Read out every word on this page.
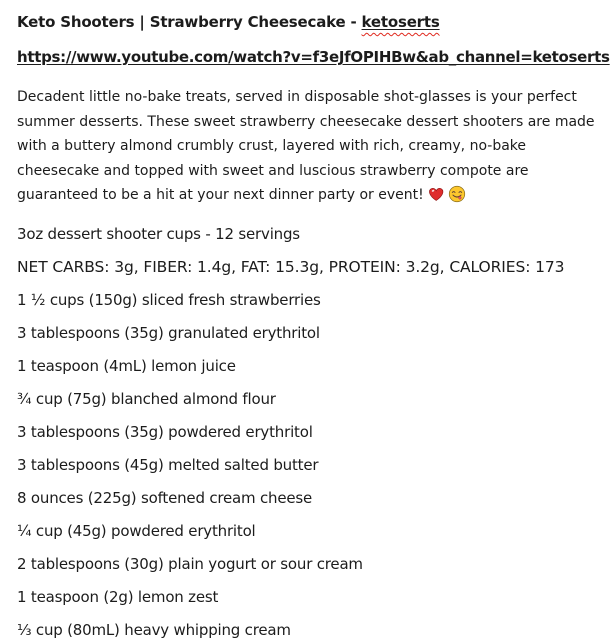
Keto Shooters | Strawberry Cheesecake - ketoserts
https://www.youtube.com/watch?v=f3eJfOPIHBw&ab_channel=ketoserts
Decadent little no-bake treats, served in disposable shot-glasses is your perfect
summer desserts. These sweet strawberry cheesecake dessert shooters are made
with a buttery almond crumbly crust, layered with rich, creamy, no-bake
cheesecake and topped with sweet and luscious strawberry compote are
guaranteed to be a hit at your next dinner party or event!
3oz dessert shooter cups - 12 servings
NET CARBS: 3g, FIBER: 1.4g, FAT: 15.3g, PROTEIN: 3.2g, CALORIES: 173
1 ½ cups (150g) sliced fresh strawberries
3 tablespoons (35g) granulated erythritol
1 teaspoon (4mL) lemon juice
¾ cup (75g) blanched almond flour
3 tablespoons (35g) powdered erythritol
3 tablespoons (45g) melted salted butter
8 ounces (225g) softened cream cheese
¼ cup (45g) powdered erythritol
2 tablespoons (30g) plain yogurt or sour cream
1 teaspoon (2g) lemon zest
⅓ cup (80mL) heavy whipping cream
